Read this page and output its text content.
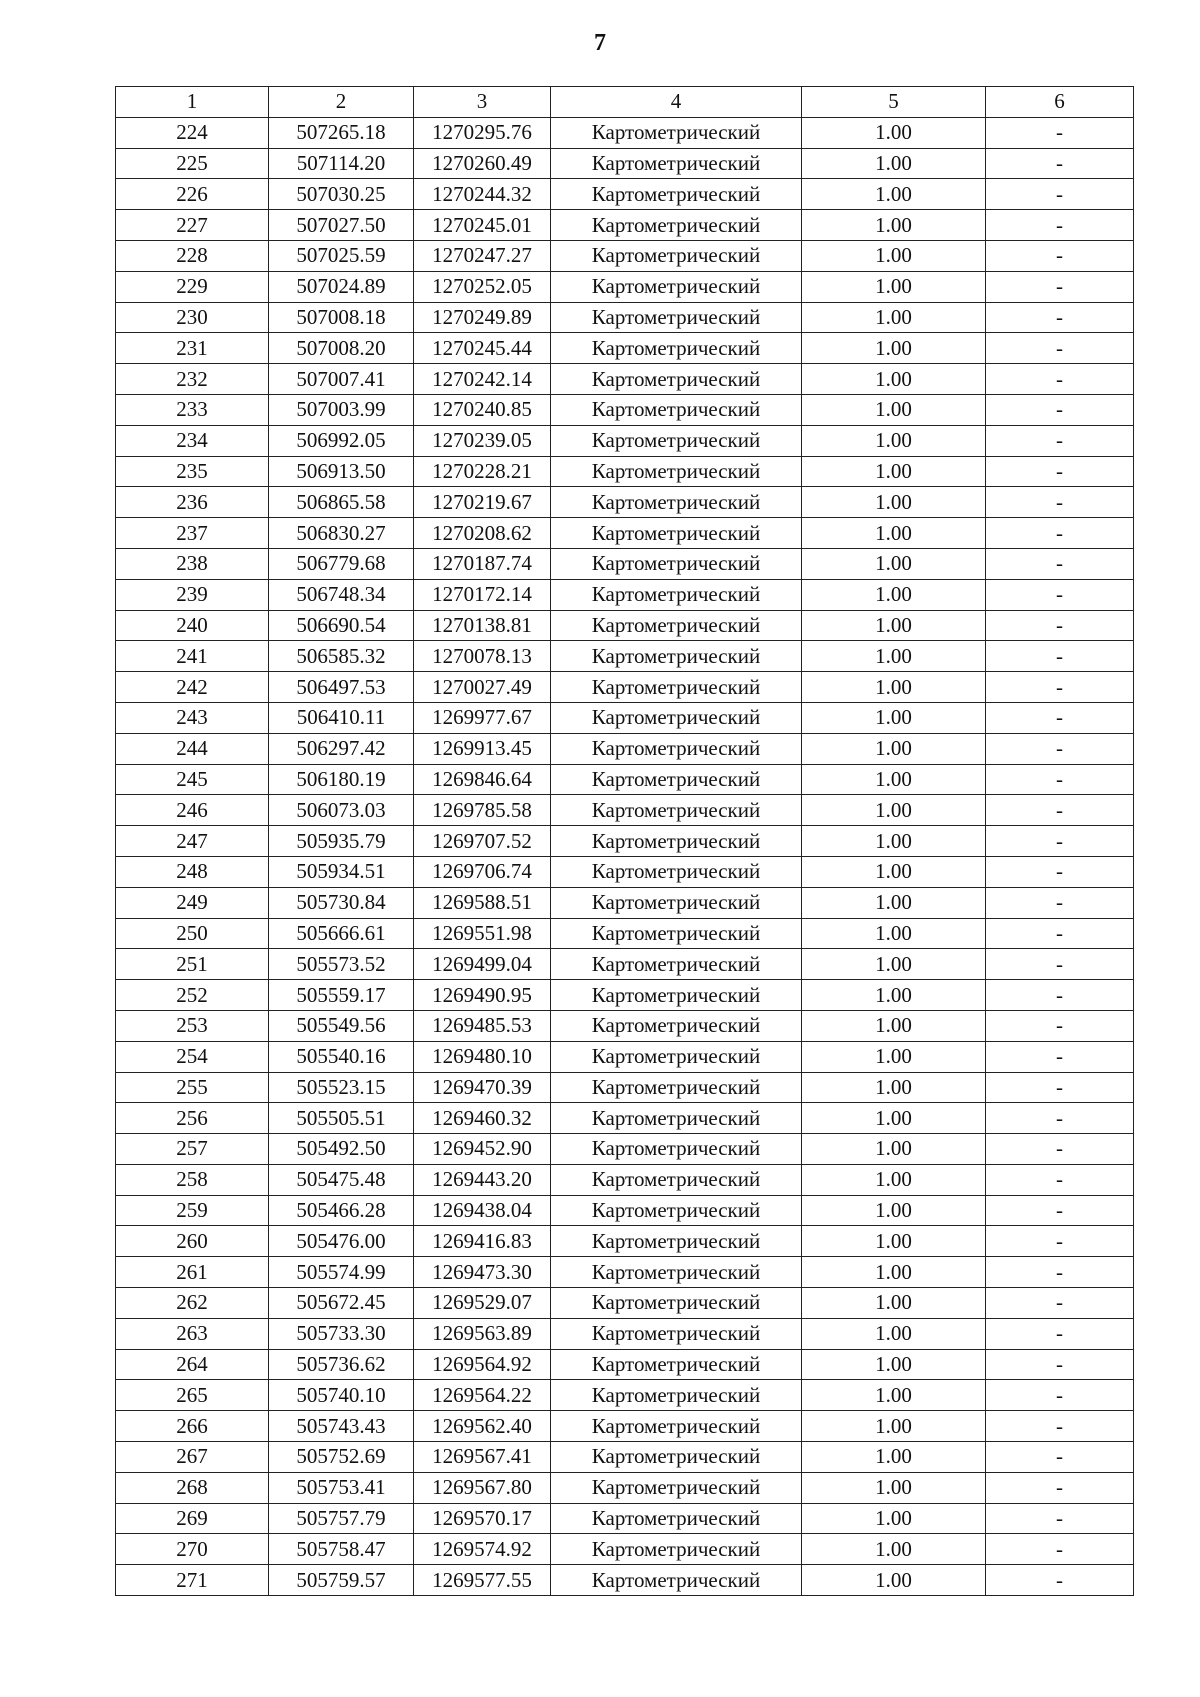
7
1	2	3	4	5	6
224	507265.18	1270295.76	Картометрический	1.00	-
225	507114.20	1270260.49	Картометрический	1.00	-
226	507030.25	1270244.32	Картометрический	1.00	-
227	507027.50	1270245.01	Картометрический	1.00	-
228	507025.59	1270247.27	Картометрический	1.00	-
229	507024.89	1270252.05	Картометрический	1.00	-
230	507008.18	1270249.89	Картометрический	1.00	-
231	507008.20	1270245.44	Картометрический	1.00	-
232	507007.41	1270242.14	Картометрический	1.00	-
233	507003.99	1270240.85	Картометрический	1.00	-
234	506992.05	1270239.05	Картометрический	1.00	-
235	506913.50	1270228.21	Картометрический	1.00	-
236	506865.58	1270219.67	Картометрический	1.00	-
237	506830.27	1270208.62	Картометрический	1.00	-
238	506779.68	1270187.74	Картометрический	1.00	-
239	506748.34	1270172.14	Картометрический	1.00	-
240	506690.54	1270138.81	Картометрический	1.00	-
241	506585.32	1270078.13	Картометрический	1.00	-
242	506497.53	1270027.49	Картометрический	1.00	-
243	506410.11	1269977.67	Картометрический	1.00	-
244	506297.42	1269913.45	Картометрический	1.00	-
245	506180.19	1269846.64	Картометрический	1.00	-
246	506073.03	1269785.58	Картометрический	1.00	-
247	505935.79	1269707.52	Картометрический	1.00	-
248	505934.51	1269706.74	Картометрический	1.00	-
249	505730.84	1269588.51	Картометрический	1.00	-
250	505666.61	1269551.98	Картометрический	1.00	-
251	505573.52	1269499.04	Картометрический	1.00	-
252	505559.17	1269490.95	Картометрический	1.00	-
253	505549.56	1269485.53	Картометрический	1.00	-
254	505540.16	1269480.10	Картометрический	1.00	-
255	505523.15	1269470.39	Картометрический	1.00	-
256	505505.51	1269460.32	Картометрический	1.00	-
257	505492.50	1269452.90	Картометрический	1.00	-
258	505475.48	1269443.20	Картометрический	1.00	-
259	505466.28	1269438.04	Картометрический	1.00	-
260	505476.00	1269416.83	Картометрический	1.00	-
261	505574.99	1269473.30	Картометрический	1.00	-
262	505672.45	1269529.07	Картометрический	1.00	-
263	505733.30	1269563.89	Картометрический	1.00	-
264	505736.62	1269564.92	Картометрический	1.00	-
265	505740.10	1269564.22	Картометрический	1.00	-
266	505743.43	1269562.40	Картометрический	1.00	-
267	505752.69	1269567.41	Картометрический	1.00	-
268	505753.41	1269567.80	Картометрический	1.00	-
269	505757.79	1269570.17	Картометрический	1.00	-
270	505758.47	1269574.92	Картометрический	1.00	-
271	505759.57	1269577.55	Картометрический	1.00	-
